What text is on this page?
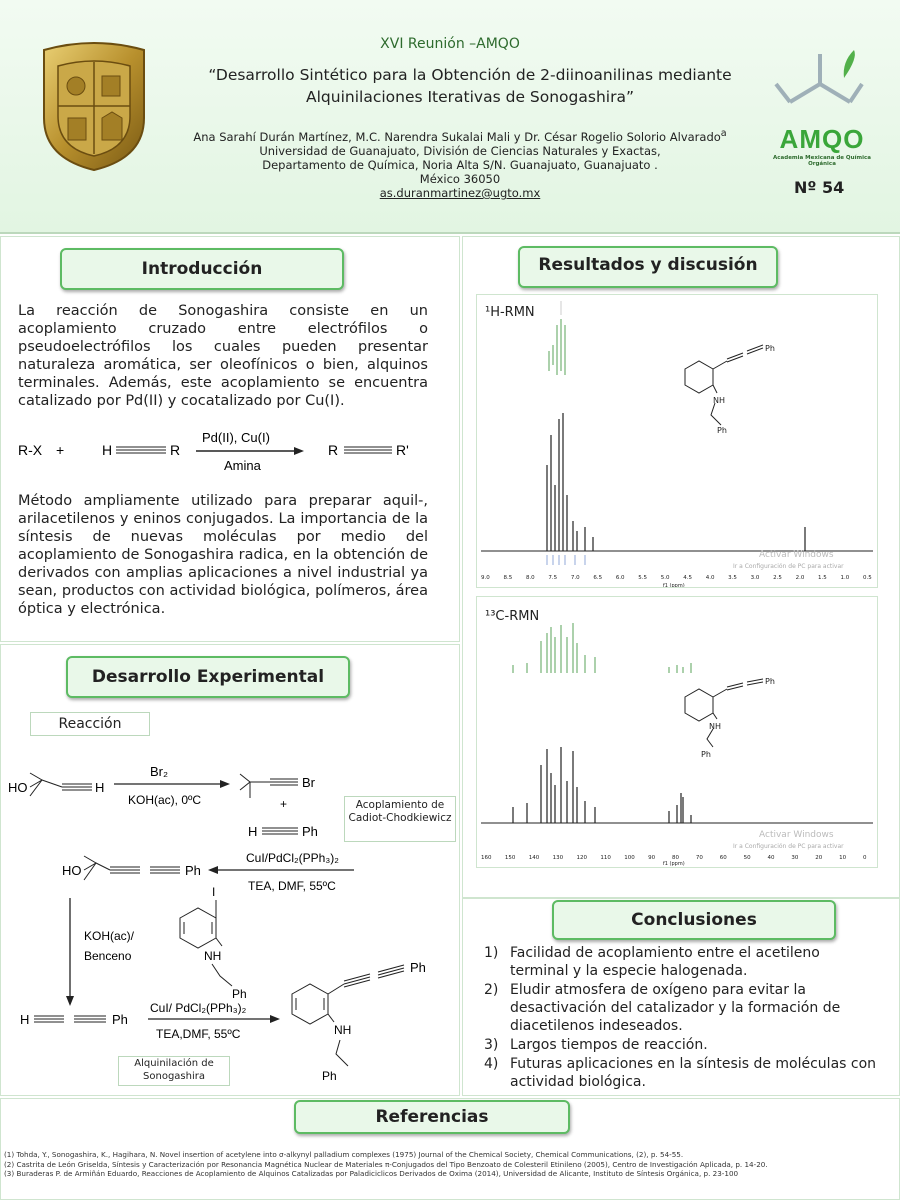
XVI Reunión –AMQO
“Desarrollo Sintético para la Obtención de 2-diinoanilinas mediante
Alquinilaciones Iterativas de Sonogashira”
Ana Sarahí Durán Martínez, M.C. Narendra Sukalai Mali y Dr. César Rogelio Solorio Alvarado$^a$
Universidad de Guanajuato, División de Ciencias Naturales y Exactas,
Departamento de Química, Noria Alta S/N. Guanajuato, Guanajuato .
México 36050
as.duranmartinez@ugto.mx
AMQO
Academia Mexicana de Química Orgánica
Nº 54
Introducción
La reacción de Sonogashira consiste en un acoplamiento cruzado entre electrófilos o pseudoelectrófilos los cuales pueden presentar naturaleza aromática, ser oleofínicos o bien, alquinos terminales. Además, este acoplamiento se encuentra catalizado por Pd(II) y cocatalizado por Cu(I).
R-X +	H	R
Pd(II), Cu(I)
Amina
R	R'
Método ampliamente utilizado para preparar aquil-, arilacetilenos y eninos conjugados. La importancia de la síntesis de nuevas moléculas por medio del acoplamiento de Sonogashira radica, en la obtención de derivados con amplias aplicaciones a nivel industrial ya sean, productos con actividad biológica, polímeros, área óptica y electrónica.
Desarrollo Experimental
Reacción
HO	H
Br₂
KOH(ac), 0ºC
Br
+
H	Ph
CuI/PdCl₂(PPh₃)₂
TEA, DMF, 55ºC
HO	Ph
KOH(ac)/
Benceno
I
NH
Ph
H	Ph
CuI/ PdCl₂(PPh₃)₂
TEA,DMF, 55ºC
Ph
NH
Ph
Acoplamiento de Cadiot-Chodkiewicz
Alquinilación de Sonogashira
Resultados y discusión
¹H-RMN
Ph
NH
Ph
Activar Windows
Ir a Configuración de PC para activar
9.0 8.5 8.0 7.5 7.0 6.5 6.0 5.5 5.0 4.5 4.0 3.5 3.0 2.5 2.0 1.5 1.0 0.5
f1 (ppm)
¹³C-RMN
Ph
NH
Ph
Activar Windows
Ir a Configuración de PC para activar
160 150 140 130 120 110 100 90	80	70	60	50	40	30	20	10	0
f1 (ppm)
Conclusiones
1) Facilidad de acoplamiento entre el acetileno terminal y la especie halogenada.
2) Eludir atmosfera de oxígeno para evitar la desactivación del catalizador y la formación de diacetilenos indeseados.
3) Largos tiempos de reacción.
4) Futuras aplicaciones en la síntesis de moléculas con actividad biológica.
Referencias
(1) Tohda, Y., Sonogashira, K., Hagihara, N. Novel insertion of acetylene into σ-alkynyl palladium complexes (1975) Journal of the Chemical Society, Chemical Communications, (2), p. 54-55.
(2) Castrita de León Griselda, Síntesis y Caracterización por Resonancia Magnética Nuclear de Materiales π-Conjugados del Tipo Benzoato de Colesteril Etinileno (2005), Centro de Investigación Aplicada, p. 14-20.
(3) Buraderas P. de Armiñán Eduardo, Reacciones de Acoplamiento de Alquinos Catalizadas por Paladiciclicos Derivados de Oxima (2014), Universidad de Alicante, Instituto de Síntesis Orgánica, p. 23-100
